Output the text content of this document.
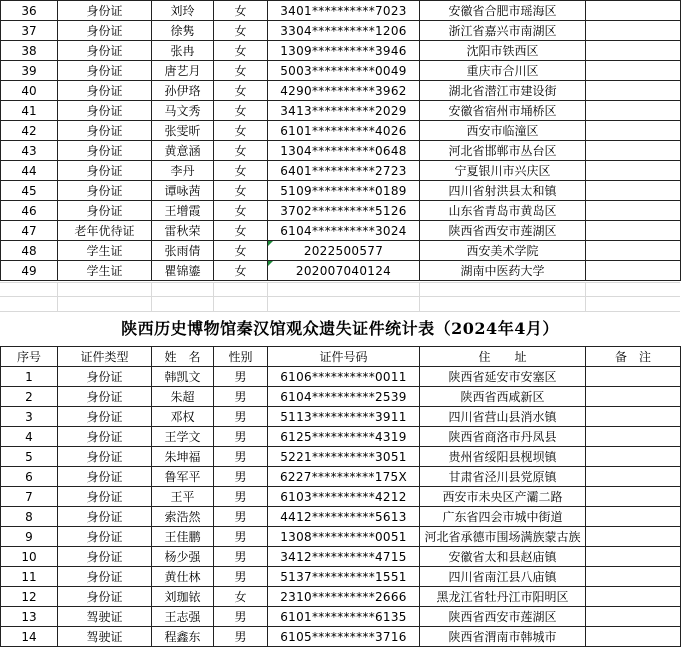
36	身份证	刘玲	女	3401**********7023	安徽省合肥市瑶海区	
37	身份证	徐隽	女	3304**********1206	浙江省嘉兴市南湖区	
38	身份证	张冉	女	1309**********3946	沈阳市铁西区	
39	身份证	唐艺月	女	5003**********0049	重庆市合川区	
40	身份证	孙伊珞	女	4290**********3962	湖北省潜江市建设街	
41	身份证	马文秀	女	3413**********2029	安徽省宿州市埇桥区	
42	身份证	张雯昕	女	6101**********4026	西安市临潼区	
43	身份证	黄意涵	女	1304**********0648	河北省邯郸市丛台区	
44	身份证	李丹	女	6401**********2723	宁夏银川市兴庆区	
45	身份证	谭咏茜	女	5109**********0189	四川省射洪县太和镇	
46	身份证	王增霞	女	3702**********5126	山东省青岛市黄岛区	
47	老年优待证	雷秋荣	女	6104**********3024	陕西省西安市莲湖区	
48	学生证	张雨倩	女	2022500577	西安美术学院	
49	学生证	瞿锦鎏	女	202007040124	湖南中医药大学	
陕西历史博物馆秦汉馆观众遗失证件统计表（2024年4月）
序号	证件类型	姓　名	性别	证件号码	住　　址	备　注
1	身份证	韩凯文	男	6106**********0011	陕西省延安市安塞区	
2	身份证	朱超	男	6104**********2539	陕西省西咸新区	
3	身份证	邓权	男	5113**********3911	四川省营山县消水镇	
4	身份证	王学文	男	6125**********4319	陕西省商洛市丹凤县	
5	身份证	朱坤福	男	5221**********3051	贵州省绥阳县枧坝镇	
6	身份证	鲁军平	男	6227**********175X	甘肃省泾川县党原镇	
7	身份证	王平	男	6103**********4212	西安市未央区产灞二路	
8	身份证	索浩然	男	4412**********5613	广东省四会市城中街道	
9	身份证	王佳鹏	男	1308**********0051	河北省承德市围场满族蒙古族	
10	身份证	杨少强	男	3412**********4715	安徽省太和县赵庙镇	
11	身份证	黄仕林	男	5137**********1551	四川省南江县八庙镇	
12	身份证	刘珈铱	女	2310**********2666	黑龙江省牡丹江市阳明区	
13	驾驶证	王志强	男	6101**********6135	陕西省西安市莲湖区	
14	驾驶证	程鑫东	男	6105**********3716	陕西省渭南市韩城市	
